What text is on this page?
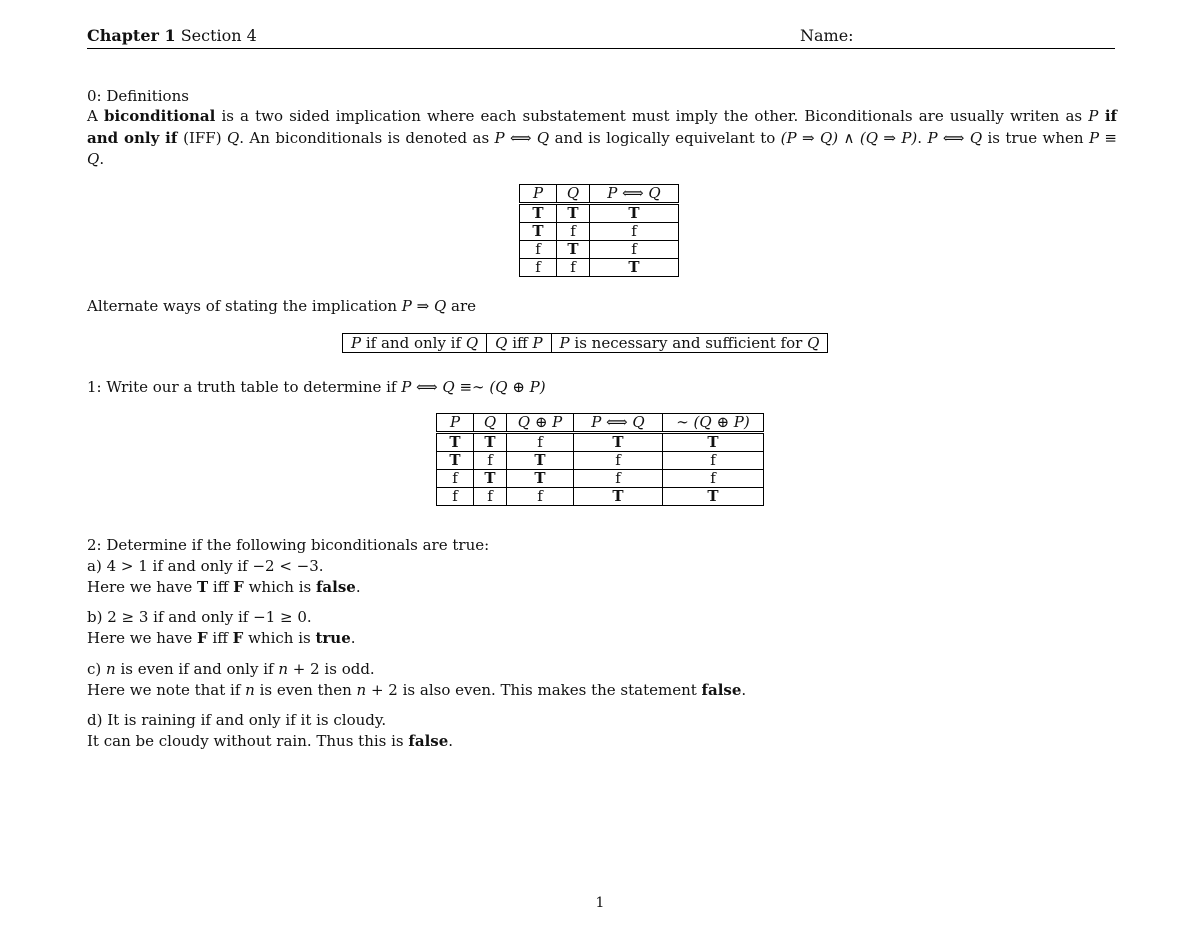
Chapter 1 Section 4	Name:
0: Definitions
A biconditional is a two sided implication where each substatement must imply the other. Biconditionals are usually writen as P if and only if (IFF) Q. An biconditionals is denoted as P ⟺ Q and is logically equivelant to (P ⇒ Q) ∧ (Q ⇒ P). P ⟺ Q is true when P ≡ Q.
P	Q	P ⟺ Q
T	T	T
T	f	f
f	T	f
f	f	T
Alternate ways of stating the implication P ⇒ Q are
P if and only if Q	Q iff P	P is necessary and sufficient for Q
1: Write our a truth table to determine if P ⟺ Q ≡∼ (Q ⊕ P)
P	Q	Q ⊕ P	P ⟺ Q	∼ (Q ⊕ P)
T	T	f	T	T
T	f	T	f	f
f	T	T	f	f
f	f	f	T	T
2: Determine if the following biconditionals are true:
a) 4 > 1 if and only if −2 < −3.
Here we have T iff F which is false.
b) 2 ≥ 3 if and only if −1 ≥ 0.
Here we have F iff F which is true.
c) n is even if and only if n + 2 is odd.
Here we note that if n is even then n + 2 is also even. This makes the statement false.
d) It is raining if and only if it is cloudy.
It can be cloudy without rain. Thus this is false.
1
